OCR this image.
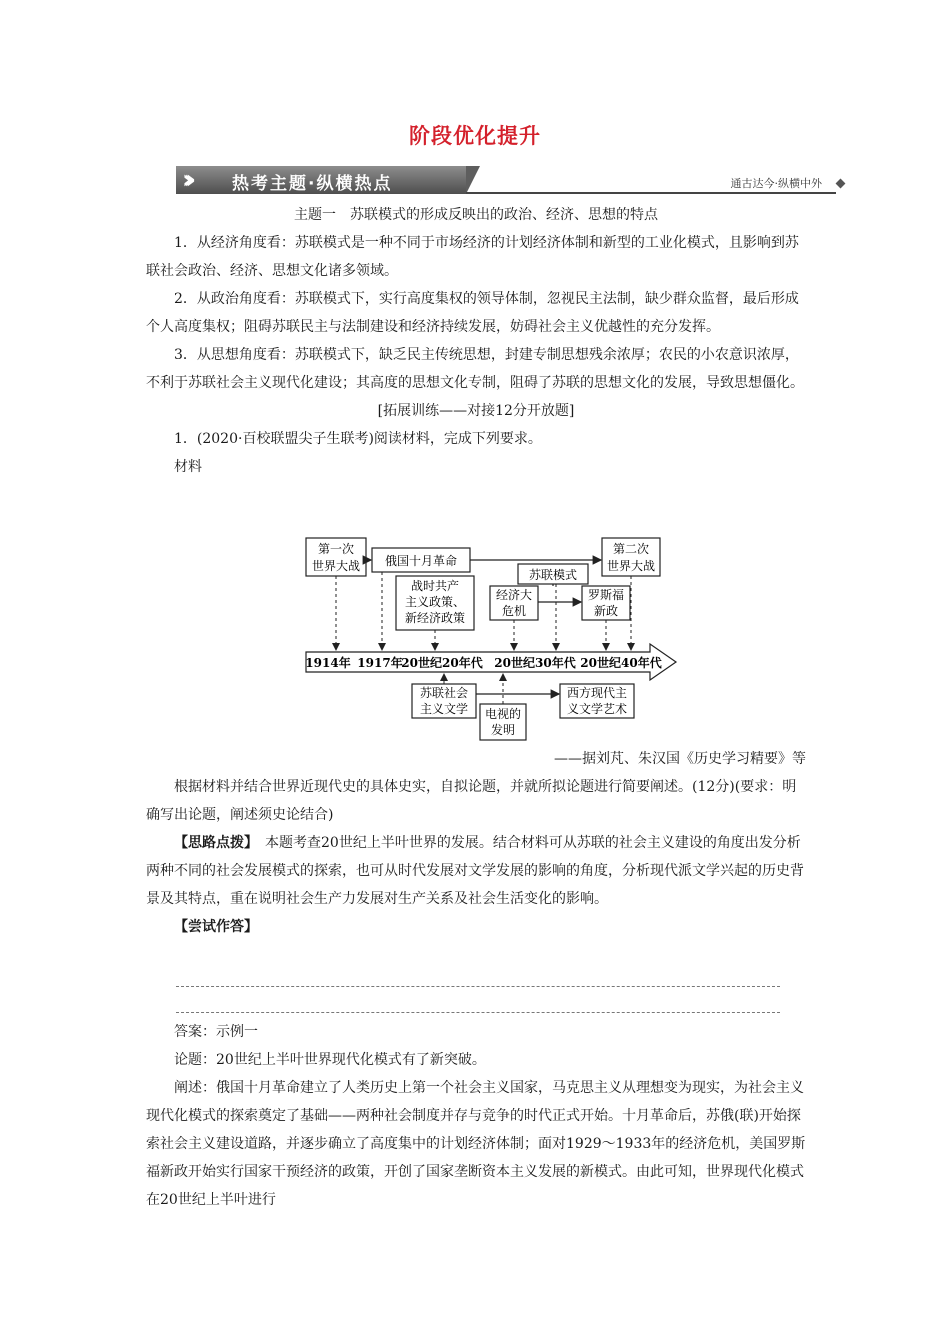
阶段优化提升
›››	热考主题·纵横热点	通古达今·纵横中外

主题一　苏联模式的形成反映出的政治、经济、思想的特点

1．从经济角度看：苏联模式是一种不同于市场经济的计划经济体制和新型的工业化模式，且影响到苏联社会政治、经济、思想文化诸多领域。

2．从政治角度看：苏联模式下，实行高度集权的领导体制，忽视民主法制，缺少群众监督，最后形成个人高度集权；阻碍苏联民主与法制建设和经济持续发展，妨碍社会主义优越性的充分发挥。

3．从思想角度看：苏联模式下，缺乏民主传统思想，封建专制思想残余浓厚；农民的小农意识浓厚，不利于苏联社会主义现代化建设；其高度的思想文化专制，阻碍了苏联的思想文化的发展，导致思想僵化。

[拓展训练——对接12分开放题]

1．(2020·百校联盟尖子生联考)阅读材料，完成下列要求。

材料

第一次
世界大战 俄国十月革命
第二次
世界大战
战时共产
主义政策、
新经济政策
苏联模式
经济大
危机
罗斯福
新政
1914年 1917年
20世纪20年代 20世纪30年代 20世纪40年代
苏联社会
主义文学
西方现代主
义文学艺术
电视的
发明

——据刘芃、朱汉国《历史学习精要》等

根据材料并结合世界近现代史的具体史实，自拟论题，并就所拟论题进行简要阐述。(12分)(要求：明确写出论题，阐述须史论结合)

【思路点拨】　本题考查20世纪上半叶世界的发展。结合材料可从苏联的社会主义建设的角度出发分析两种不同的社会发展模式的探索，也可从时代发展对文学发展的影响的角度，分析现代派文学兴起的历史背景及其特点，重在说明社会生产力发展对生产关系及社会生活变化的影响。

【尝试作答】

答案：示例一

论题：20世纪上半叶世界现代化模式有了新突破。

阐述：俄国十月革命建立了人类历史上第一个社会主义国家，马克思主义从理想变为现实，为社会主义现代化模式的探索奠定了基础——两种社会制度并存与竞争的时代正式开始。十月革命后，苏俄(联)开始探索社会主义建设道路，并逐步确立了高度集中的计划经济体制；面对1929～1933年的经济危机，美国罗斯福新政开始实行国家干预经济的政策，开创了国家垄断资本主义发展的新模式。由此可知，世界现代化模式在20世纪上半叶进行
